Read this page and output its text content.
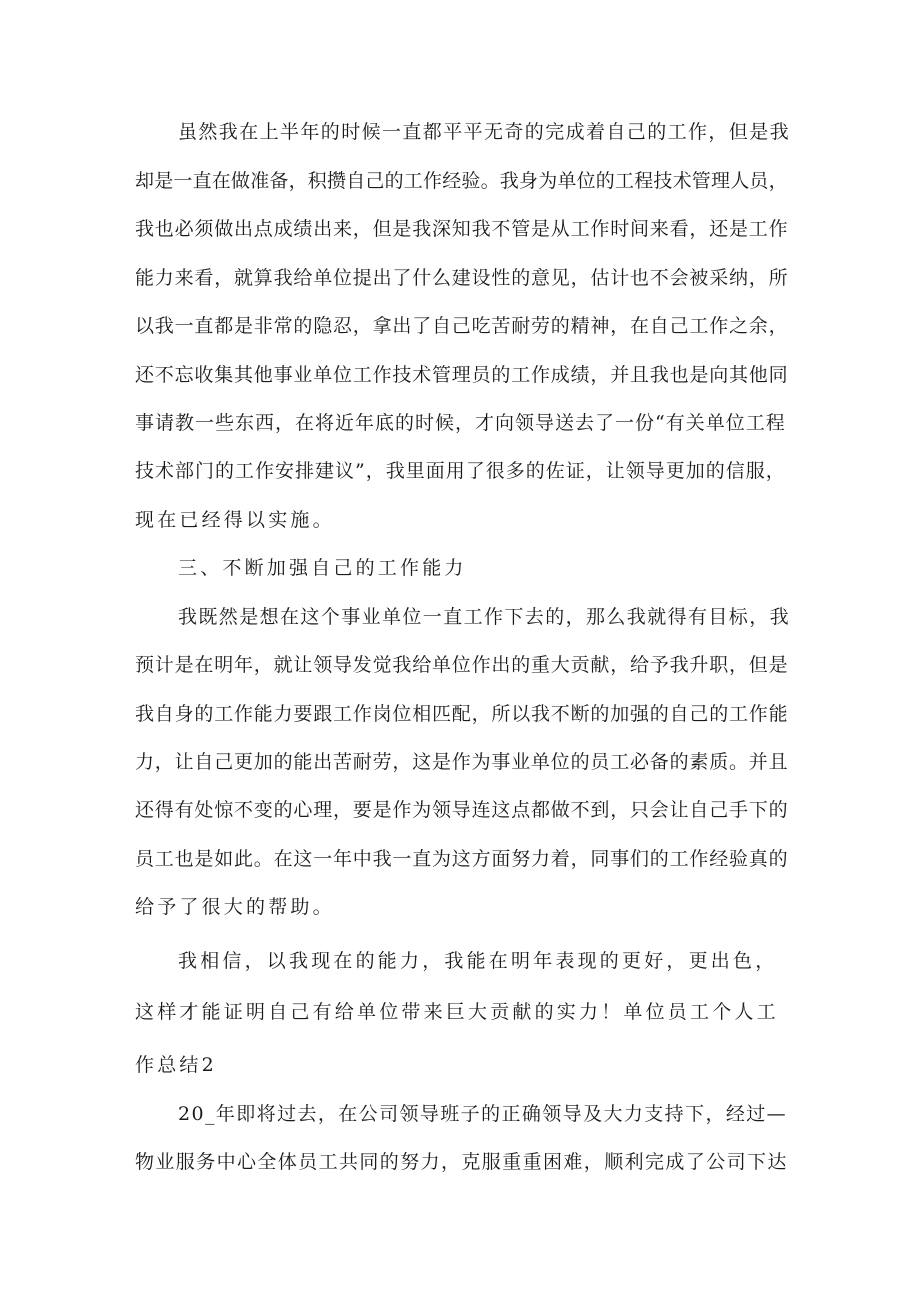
虽然我在上半年的时候一直都平平无奇的完成着自己的工作，但是我

却是一直在做准备，积攒自己的工作经验。我身为单位的工程技术管理人员，

我也必须做出点成绩出来，但是我深知我不管是从工作时间来看，还是工作

能力来看，就算我给单位提出了什么建设性的意见，估计也不会被采纳，所

以我一直都是非常的隐忍，拿出了自己吃苦耐劳的精神，在自己工作之余，

还不忘收集其他事业单位工作技术管理员的工作成绩，并且我也是向其他同

事请教一些东西，在将近年底的时候，才向领导送去了一份“有关单位工程

技术部门的工作安排建议”，我里面用了很多的佐证，让领导更加的信服，

现在已经得以实施。

三、不断加强自己的工作能力

我既然是想在这个事业单位一直工作下去的，那么我就得有目标，我

预计是在明年，就让领导发觉我给单位作出的重大贡献，给予我升职，但是

我自身的工作能力要跟工作岗位相匹配，所以我不断的加强的自己的工作能

力，让自己更加的能出苦耐劳，这是作为事业单位的员工必备的素质。并且

还得有处惊不变的心理，要是作为领导连这点都做不到，只会让自己手下的

员工也是如此。在这一年中我一直为这方面努力着，同事们的工作经验真的

给予了很大的帮助。

我相信，以我现在的能力，我能在明年表现的更好，更出色，

这样才能证明自己有给单位带来巨大贡献的实力！单位员工个人工

作总结2

20_年即将过去，在公司领导班子的正确领导及大力支持下，经过—

物业服务中心全体员工共同的努力，克服重重困难，顺利完成了公司下达
